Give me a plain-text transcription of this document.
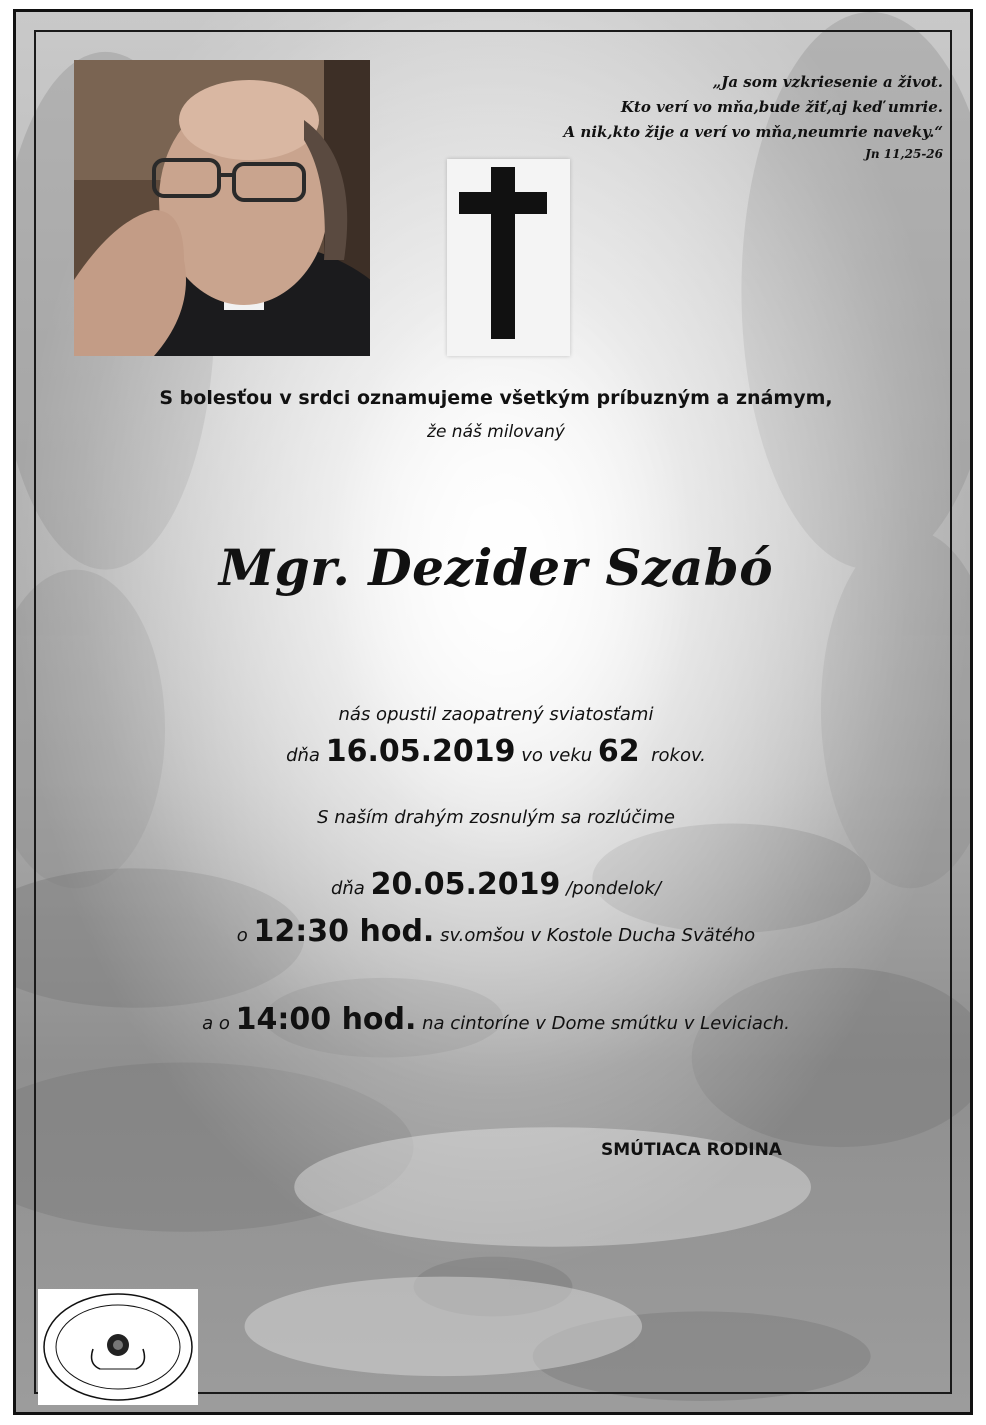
„Ja som vzkriesenie a život.
Kto verí vo mňa,bude žiť,aj keď umrie.
A nik,kto žije a verí vo mňa,neumrie naveky.“
Jn 11,25-26
S bolesťou v srdci oznamujeme všetkým príbuzným a známym,
že náš milovaný
Mgr. Dezider Szabó
nás opustil zaopatrený sviatosťami
dňa 16.05.2019 vo veku 62 rokov.
S naším drahým zosnulým sa rozlúčime
dňa 20.05.2019 /pondelok/
o 12:30 hod. sv.omšou v Kostole Ducha Svätého
a o 14:00 hod. na cintoríne v Dome smútku v Leviciach.
SMÚTIACA RODINA
